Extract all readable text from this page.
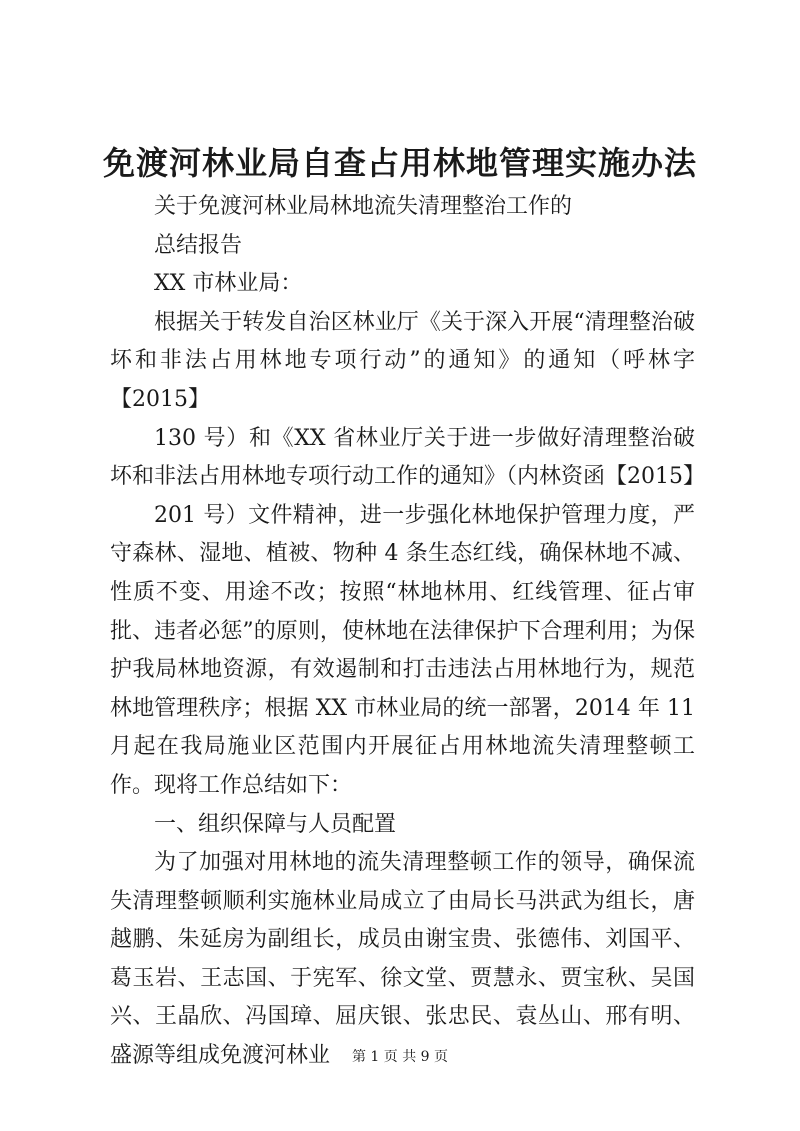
免渡河林业局自查占用林地管理实施办法

关于免渡河林业局林地流失清理整治工作的

总结报告

XX 市林业局：

根据关于转发自治区林业厅《关于深入开展“清理整治破坏和非法占用林地专项行动”的通知》的通知（呼林字【2015】

130 号）和《XX 省林业厅关于进一步做好清理整治破坏和非法占用林地专项行动工作的通知》（内林资函【2015】

201 号）文件精神，进一步强化林地保护管理力度，严守森林、湿地、植被、物种 4 条生态红线，确保林地不减、性质不变、用途不改；按照“林地林用、红线管理、征占审批、违者必惩”的原则，使林地在法律保护下合理利用；为保护我局林地资源，有效遏制和打击违法占用林地行为，规范林地管理秩序；根据 XX 市林业局的统一部署，2014 年 11 月起在我局施业区范围内开展征占用林地流失清理整顿工作。现将工作总结如下：

一、组织保障与人员配置

为了加强对用林地的流失清理整顿工作的领导，确保流失清理整顿顺利实施林业局成立了由局长马洪武为组长，唐越鹏、朱延房为副组长，成员由谢宝贵、张德伟、刘国平、葛玉岩、王志国、于宪军、徐文堂、贾慧永、贾宝秋、吴国兴、王晶欣、冯国璋、屈庆银、张忠民、袁丛山、邢有明、盛源等组成免渡河林业	第 1 页 共 9 页
